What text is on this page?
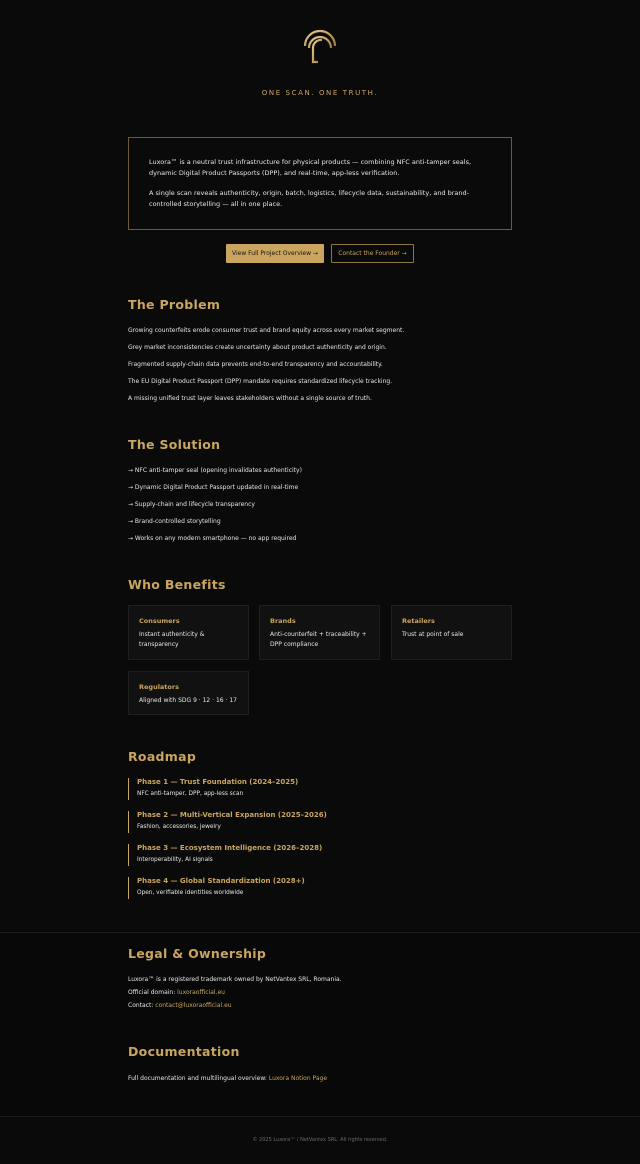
ONE SCAN. ONE TRUTH.

Luxora™ is a neutral trust infrastructure for physical products — combining NFC anti-tamper seals, dynamic Digital Product Passports (DPP), and real-time, app-less verification.

A single scan reveals authenticity, origin, batch, logistics, lifecycle data, sustainability, and brand-controlled storytelling — all in one place.

View Full Project Overview →	Contact the Founder →
The Problem
Growing counterfeits erode consumer trust and brand equity across every market segment.
Grey market inconsistencies create uncertainty about product authenticity and origin.
Fragmented supply-chain data prevents end-to-end transparency and accountability.
The EU Digital Product Passport (DPP) mandate requires standardized lifecycle tracking.
A missing unified trust layer leaves stakeholders without a single source of truth.
The Solution
→ NFC anti-tamper seal (opening invalidates authenticity)
→ Dynamic Digital Product Passport updated in real-time
→ Supply-chain and lifecycle transparency
→ Brand-controlled storytelling
→ Works on any modern smartphone — no app required
Who Benefits
Consumers
Instant authenticity & transparency
Brands
Anti-counterfeit + traceability + DPP compliance
Retailers
Trust at point of sale
Regulators
Aligned with SDG 9 · 12 · 16 · 17
Roadmap
Phase 1 — Trust Foundation (2024–2025)
NFC anti-tamper, DPP, app-less scan
Phase 2 — Multi-Vertical Expansion (2025–2026)
Fashion, accessories, jewelry
Phase 3 — Ecosystem Intelligence (2026–2028)
Interoperability, AI signals
Phase 4 — Global Standardization (2028+)
Open, verifiable identities worldwide
Legal & Ownership
Luxora™ is a registered trademark owned by NetVantex SRL, Romania.
Official domain: luxoraofficial.eu
Contact: contact@luxoraofficial.eu
Documentation
Full documentation and multilingual overview: Luxora Notion Page
© 2025 Luxora™ / NetVantex SRL. All rights reserved.
